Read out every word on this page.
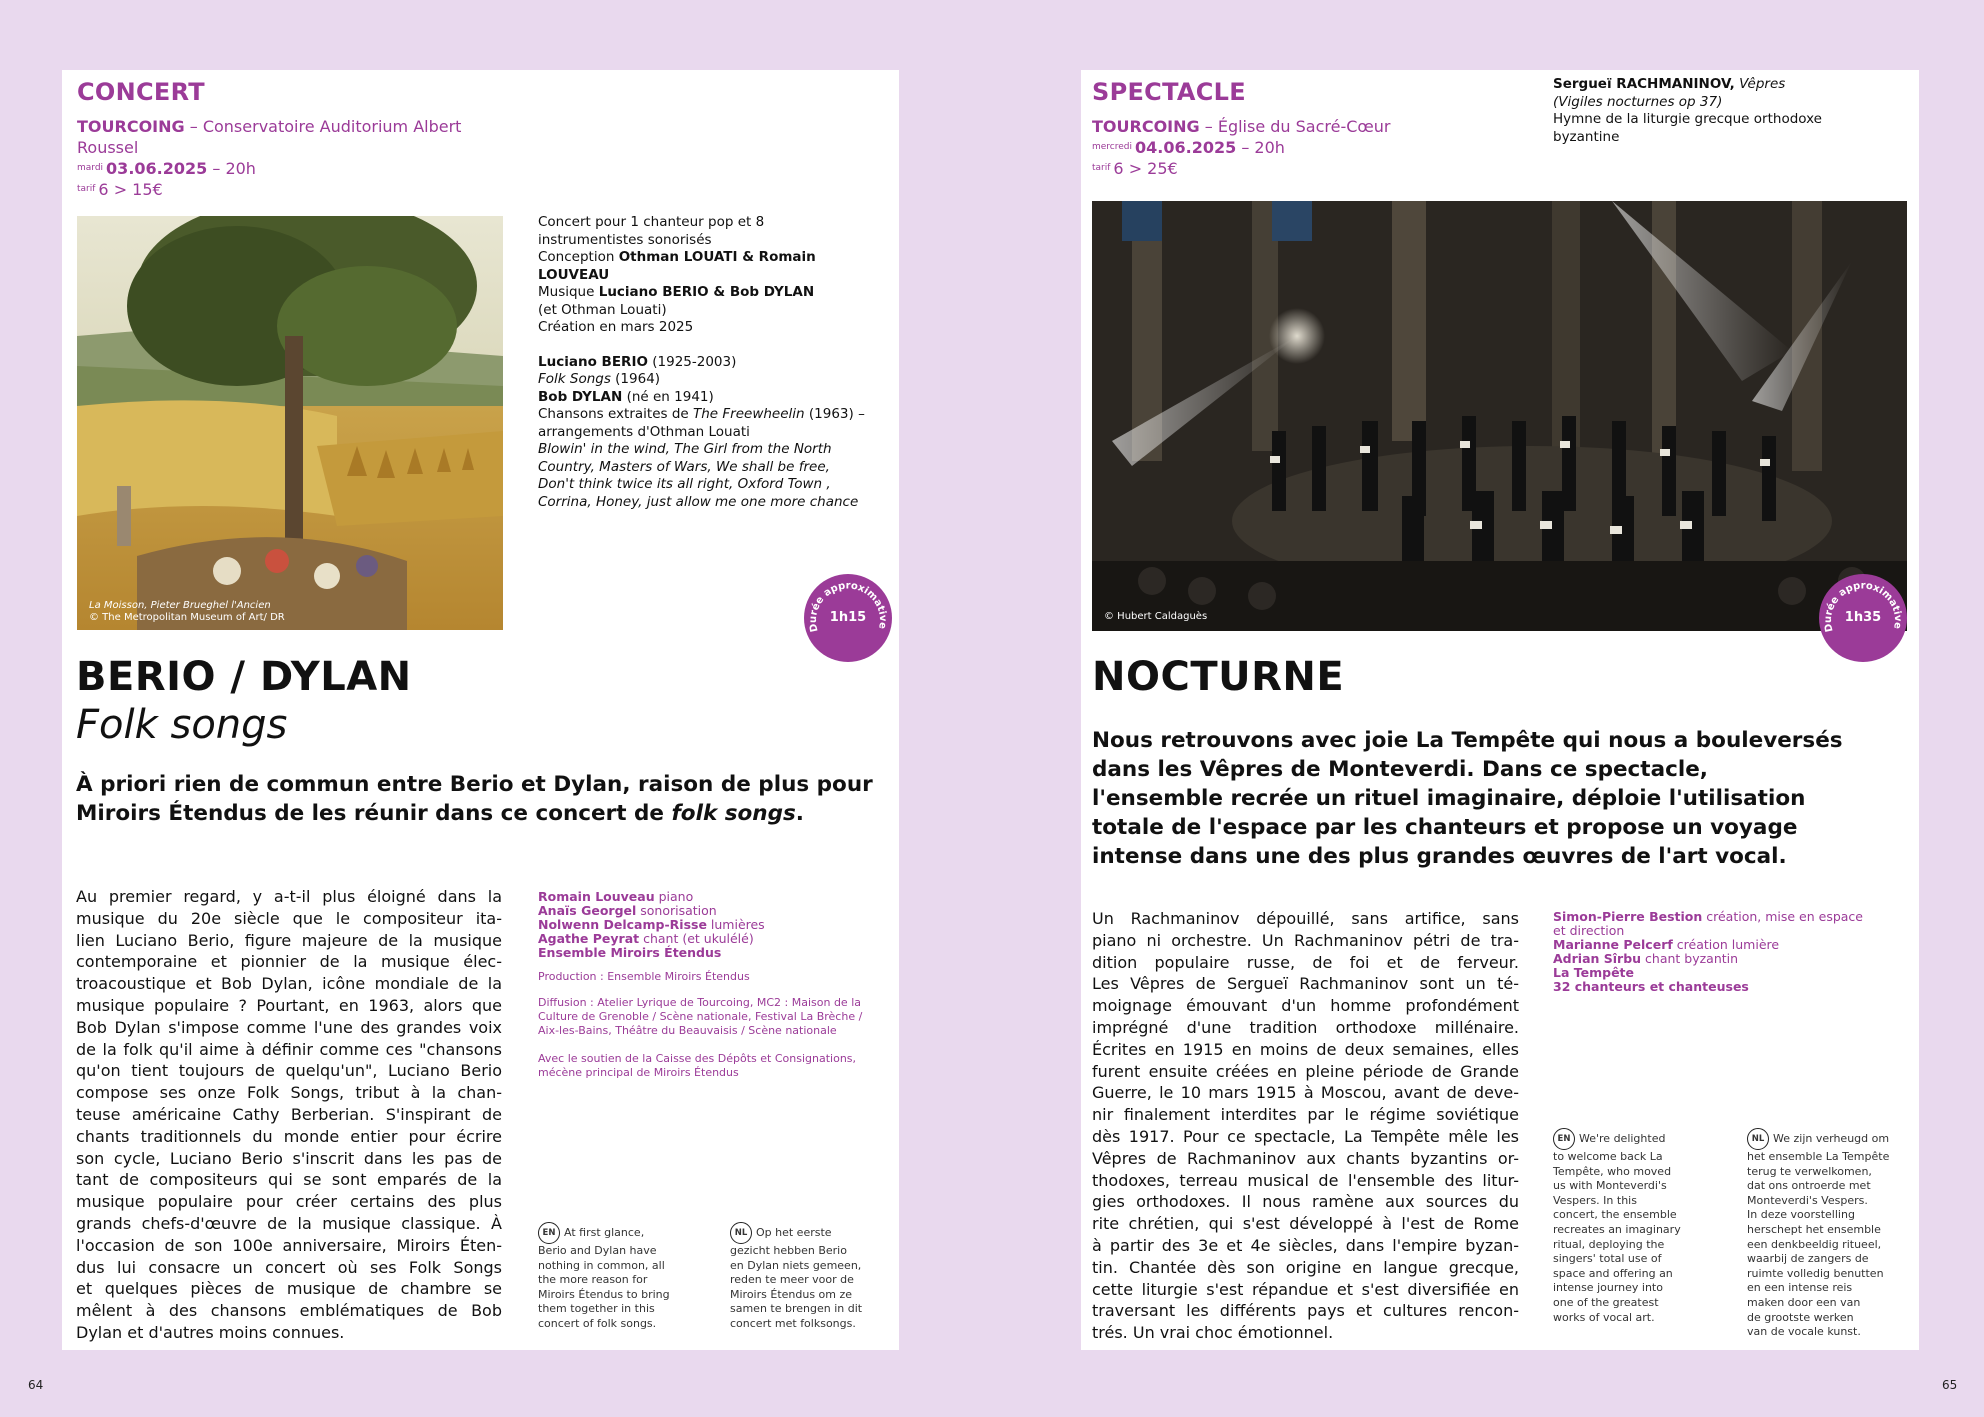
CONCERT
TOURCOING – Conservatoire Auditorium Albert
Roussel
$^{mardi}$ 03.06.2025 – 20h
$^{tarif}$ 6 > 15€
La Moisson, Pieter Brueghel l'Ancien
© The Metropolitan Museum of Art/ DR

Concert pour 1 chanteur pop et 8

instrumentistes sonorisés

Conception Othman LOUATI & Romain

LOUVEAU

Musique Luciano BERIO & Bob DYLAN

(et Othman Louati)

Création en mars 2025

Luciano BERIO (1925-2003)

Folk Songs (1964)

Bob DYLAN (né en 1941)

Chansons extraites de The Freewheelin (1963) –

arrangements d'Othman Louati

Blowin' in the wind, The Girl from the North

Country, Masters of Wars, We shall be free,

Don't think twice its all right, Oxford Town ,

Corrina, Honey, just allow me one more chance

Durée approximative
1h15
BERIO / DYLAN
Folk songs
À priori rien de commun entre Berio et Dylan, raison de plus pour
Miroirs Étendus de les réunir dans ce concert de folk songs.
Au premier regard, y a-t-il plus éloigné dans la
musique du 20e siècle que le compositeur ita-
lien Luciano Berio, figure majeure de la musique
contemporaine et pionnier de la musique élec-
troacoustique et Bob Dylan, icône mondiale de la
musique populaire ? Pourtant, en 1963, alors que
Bob Dylan s'impose comme l'une des grandes voix
de la folk qu'il aime à définir comme ces "chansons
qu'on tient toujours de quelqu'un", Luciano Berio
compose ses onze Folk Songs, tribut à la chan-
teuse américaine Cathy Berberian. S'inspirant de
chants traditionnels du monde entier pour écrire
son cycle, Luciano Berio s'inscrit dans les pas de
tant de compositeurs qui se sont emparés de la
musique populaire pour créer certains des plus
grands chefs-d'œuvre de la musique classique. À
l'occasion de son 100e anniversaire, Miroirs Éten-
dus lui consacre un concert où ses Folk Songs
et quelques pièces de musique de chambre se
mêlent à des chansons emblématiques de Bob
Dylan et d'autres moins connues.
Romain Louveau piano
Anaïs Georgel sonorisation
Nolwenn Delcamp-Risse lumières
Agathe Peyrat chant (et ukulélé)
Ensemble Miroirs Étendus
Production : Ensemble Miroirs Étendus
Diffusion : Atelier Lyrique de Tourcoing, MC2 : Maison de la
Culture de Grenoble / Scène nationale, Festival La Brèche /
Aix-les-Bains, Théâtre du Beauvaisis / Scène nationale
Avec le soutien de la Caisse des Dépôts et Consignations,
mécène principal de Miroirs Étendus
EN At first glance,
Berio and Dylan have
nothing in common, all
the more reason for
Miroirs Étendus to bring
them together in this
concert of folk songs.
NL Op het eerste
gezicht hebben Berio
en Dylan niets gemeen,
reden te meer voor de
Miroirs Étendus om ze
samen te brengen in dit
concert met folksongs.
SPECTACLE
TOURCOING – Église du Sacré-Cœur
$^{mercredi}$ 04.06.2025 – 20h
$^{tarif}$ 6 > 25€
Sergueï RACHMANINOV, Vêpres
(Vigiles nocturnes op 37)
Hymne de la liturgie grecque orthodoxe
byzantine
© Hubert Caldaguès
Durée approximative
1h35
NOCTURNE
Nous retrouvons avec joie La Tempête qui nous a bouleversés
dans les Vêpres de Monteverdi. Dans ce spectacle,
l'ensemble recrée un rituel imaginaire, déploie l'utilisation
totale de l'espace par les chanteurs et propose un voyage
intense dans une des plus grandes œuvres de l'art vocal.
Un Rachmaninov dépouillé, sans artifice, sans
piano ni orchestre. Un Rachmaninov pétri de tra-
dition populaire russe, de foi et de ferveur.
Les Vêpres de Sergueï Rachmaninov sont un té-
moignage émouvant d'un homme profondément
imprégné d'une tradition orthodoxe millénaire.
Écrites en 1915 en moins de deux semaines, elles
furent ensuite créées en pleine période de Grande
Guerre, le 10 mars 1915 à Moscou, avant de deve-
nir finalement interdites par le régime soviétique
dès 1917. Pour ce spectacle, La Tempête mêle les
Vêpres de Rachmaninov aux chants byzantins or-
thodoxes, terreau musical de l'ensemble des litur-
gies orthodoxes. Il nous ramène aux sources du
rite chrétien, qui s'est développé à l'est de Rome
à partir des 3e et 4e siècles, dans l'empire byzan-
tin. Chantée dès son origine en langue grecque,
cette liturgie s'est répandue et s'est diversifiée en
traversant les différents pays et cultures rencon-
trés. Un vrai choc émotionnel.
Simon-Pierre Bestion création, mise en espace
et direction
Marianne Pelcerf création lumière
Adrian Sîrbu chant byzantin
La Tempête
32 chanteurs et chanteuses
EN We're delighted
to welcome back La
Tempête, who moved
us with Monteverdi's
Vespers. In this
concert, the ensemble
recreates an imaginary
ritual, deploying the
singers' total use of
space and offering an
intense journey into
one of the greatest
works of vocal art.
NL We zijn verheugd om
het ensemble La Tempête
terug te verwelkomen,
dat ons ontroerde met
Monteverdi's Vespers.
In deze voorstelling
herschept het ensemble
een denkbeeldig ritueel,
waarbij de zangers de
ruimte volledig benutten
en een intense reis
maken door een van
de grootste werken
van de vocale kunst.
64	65
